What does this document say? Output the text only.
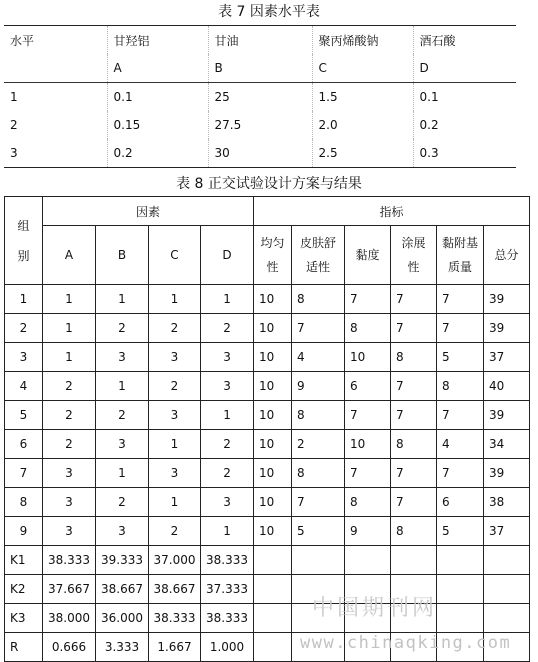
表 7 因素水平表
水平	甘羟铝	甘油	聚丙烯酸钠	酒石酸
	A	B	C	D
1	0.1	25	1.5	0.1
2	0.15	27.5	2.0	0.2
3	0.2	30	2.5	0.3
表 8 正交试验设计方案与结果
组别	因素				指标					
	A	B	C	D	均匀性	皮肤舒适性	黏度	涂展性	黏附基质量	总分
1	1	1	1	1	10	8	7	7	7	39
2	1	2	2	2	10	7	8	7	7	39
3	1	3	3	3	10	4	10	8	5	37
4	2	1	2	3	10	9	6	7	8	40
5	2	2	3	1	10	8	7	7	7	39
6	2	3	1	2	10	2	10	8	4	34
7	3	1	3	2	10	8	7	7	7	39
8	3	2	1	3	10	7	8	7	6	38
9	3	3	2	1	10	5	9	8	5	37
K1	38.333	39.333	37.000	38.333						
K2	37.667	38.667	38.667	37.333						
K3	38.000	36.000	38.333	38.333						
R	0.666	3.333	1.667	1.000						
中国期刊网
www.chinaqking.com
